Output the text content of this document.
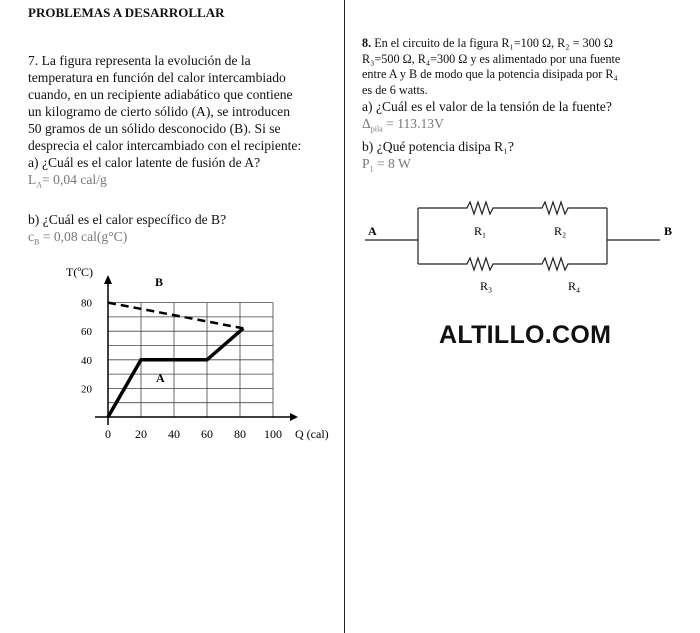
PROBLEMAS A DESARROLLAR
7. La figura representa la evolución de la
temperatura en función del calor intercambiado
cuando, en un recipiente adiabático que contiene
un kilogramo de cierto sólido (A), se introducen
50 gramos de un sólido desconocido (B). Si se
desprecia el calor intercambiado con el recipiente:
a) ¿Cuál es el calor latente de fusión de A?
$L_A= 0,04$ cal/g
b) ¿Cuál es el calor específico de B?
$c_B = 0,08$ cal(g°C)
0 20 40 60 80 100
20
40
60
80
T(ºC)
Q (cal)
B
A
8. En el circuito de la figura R₁=100 Ω, R₂ = 300 Ω
R₃=500 Ω, R₄=300 Ω y es alimentado por una fuente
entre A y B de modo que la potencia disipada por R₄
es de 6 watts.
a) ¿Cuál es el valor de la tensión de la fuente?
$\Delta_{pila} = 113.13V$
b) ¿Qué potencia disipa R₁?
$P_1 = 8$ W
A	B
R₁	R₂
R₃	R₄
ALTILLO.COM
